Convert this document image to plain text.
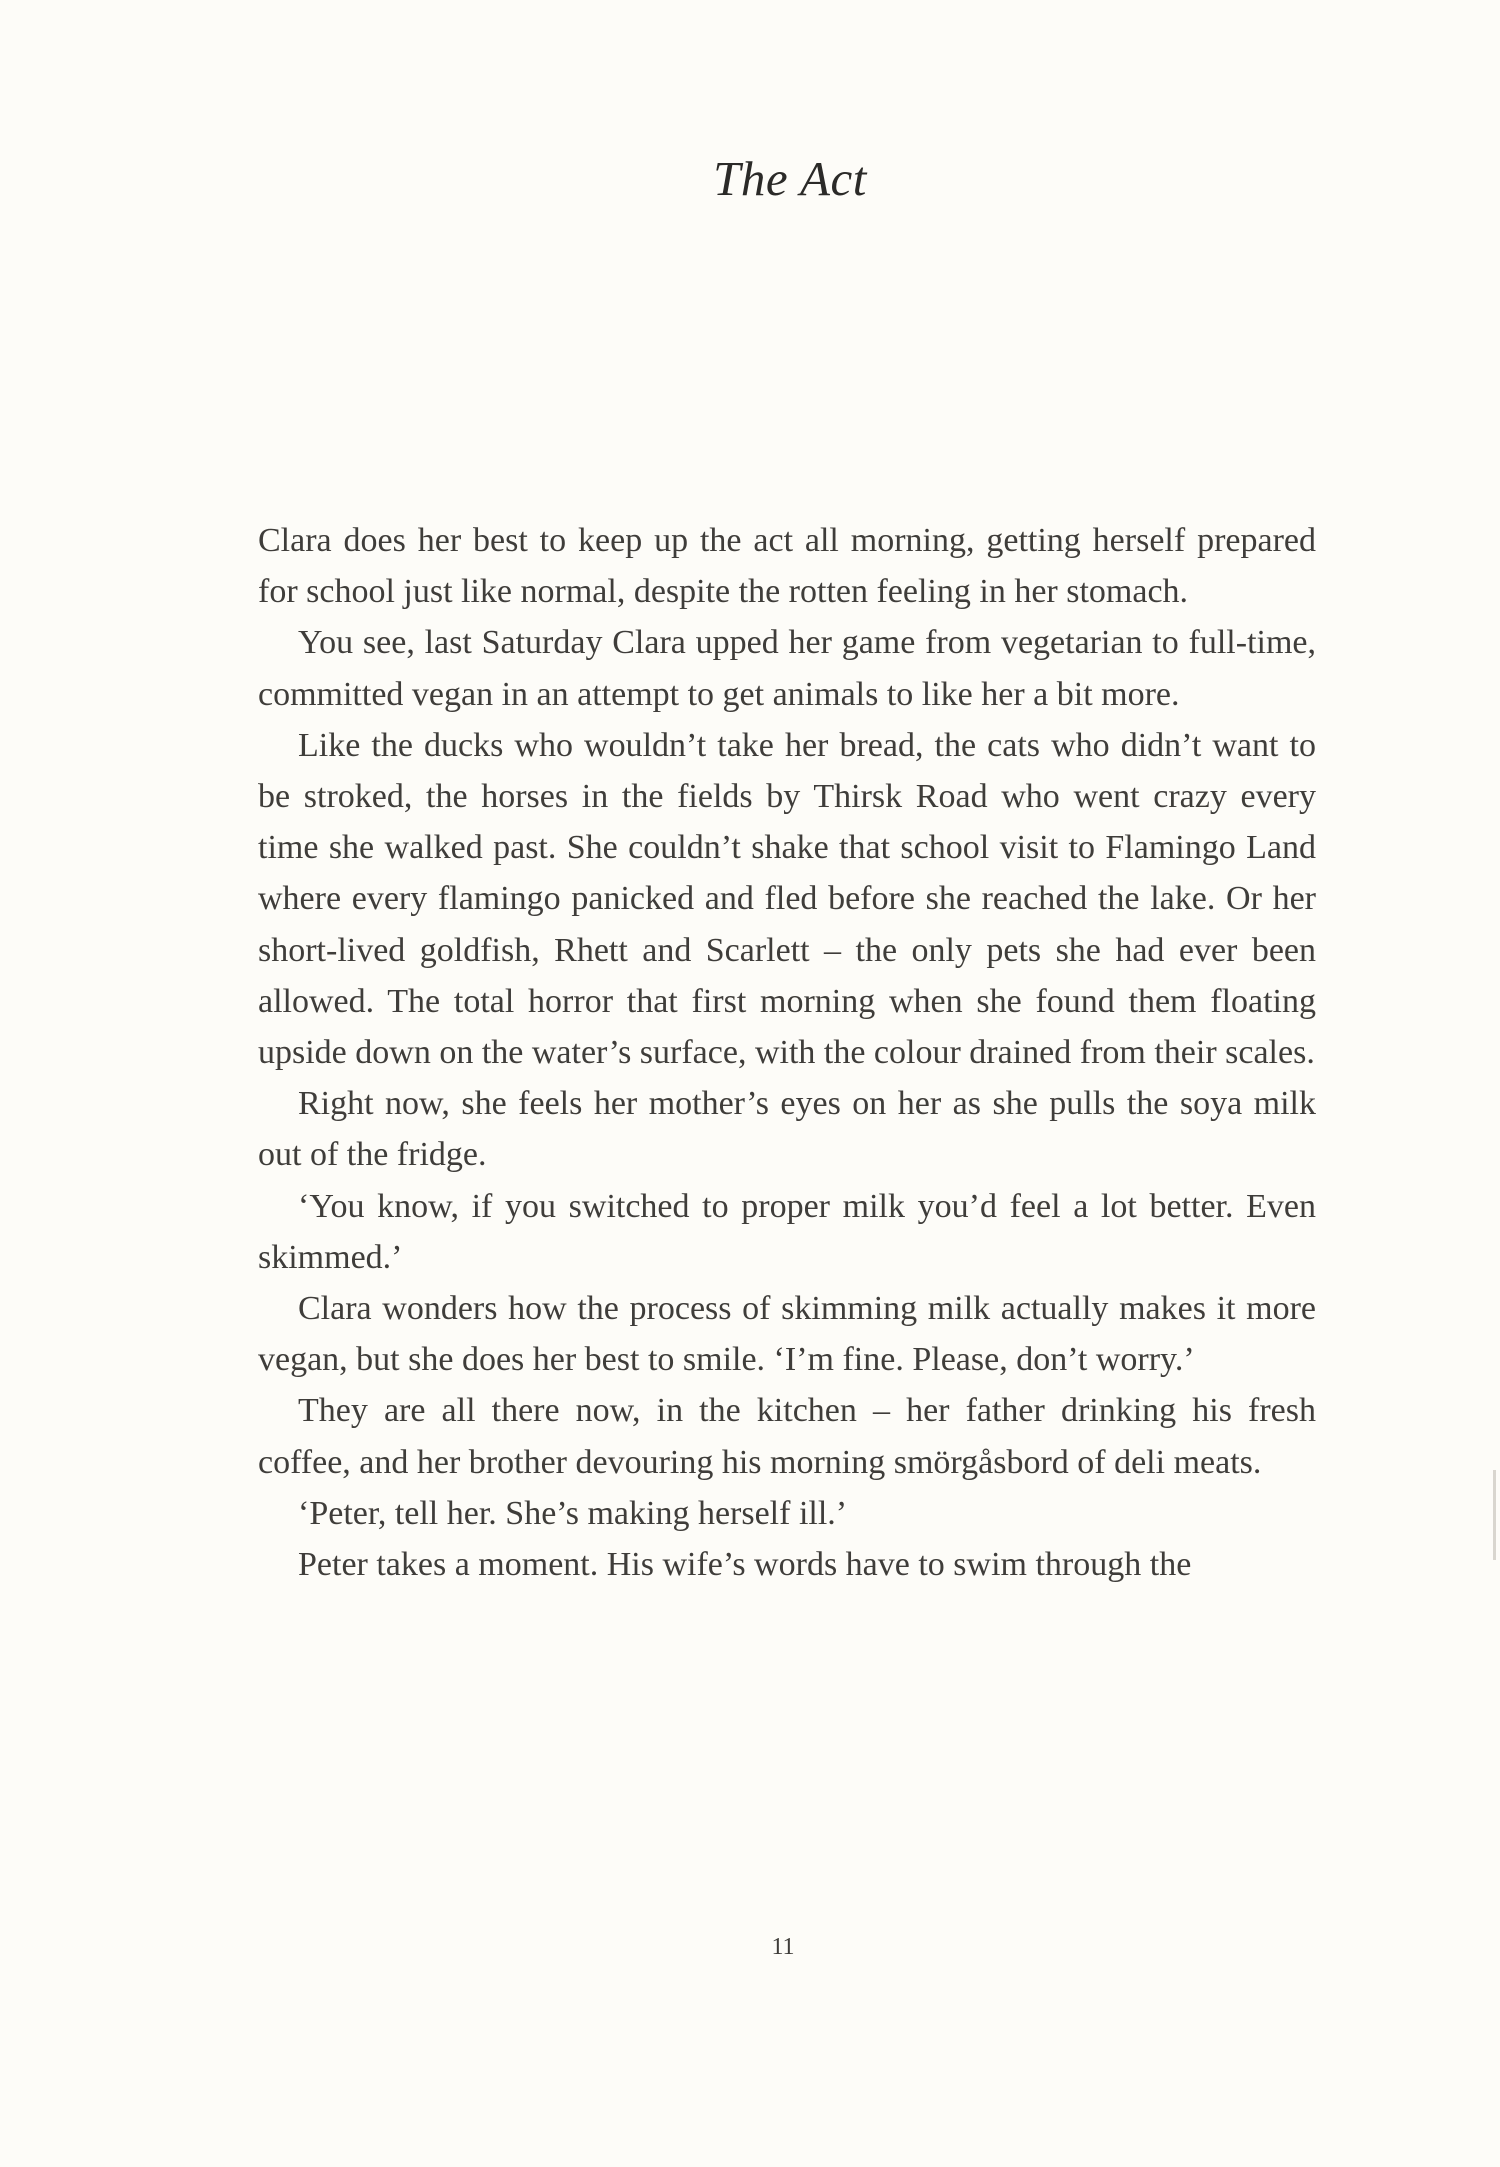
The Act

Clara does her best to keep up the act all morning, getting herself prepared for school just like normal, despite the rotten feeling in her stomach.

You see, last Saturday Clara upped her game from vegetarian to full-time, committed vegan in an attempt to get animals to like her a bit more.

Like the ducks who wouldn’t take her bread, the cats who didn’t want to be stroked, the horses in the fields by Thirsk Road who went crazy every time she walked past. She couldn’t shake that school visit to Flamingo Land where every flamingo panicked and fled before she reached the lake. Or her short-lived goldfish, Rhett and Scarlett – the only pets she had ever been allowed. The total horror that first morning when she found them floating upside down on the water’s surface, with the colour drained from their scales.

Right now, she feels her mother’s eyes on her as she pulls the soya milk out of the fridge.

‘You know, if you switched to proper milk you’d feel a lot better. Even skimmed.’

Clara wonders how the process of skimming milk actually makes it more vegan, but she does her best to smile. ‘I’m fine. Please, don’t worry.’

They are all there now, in the kitchen – her father drinking his fresh coffee, and her brother devouring his morning smörgåsbord of deli meats.

‘Peter, tell her. She’s making herself ill.’

Peter takes a moment. His wife’s words have to swim through the

11
